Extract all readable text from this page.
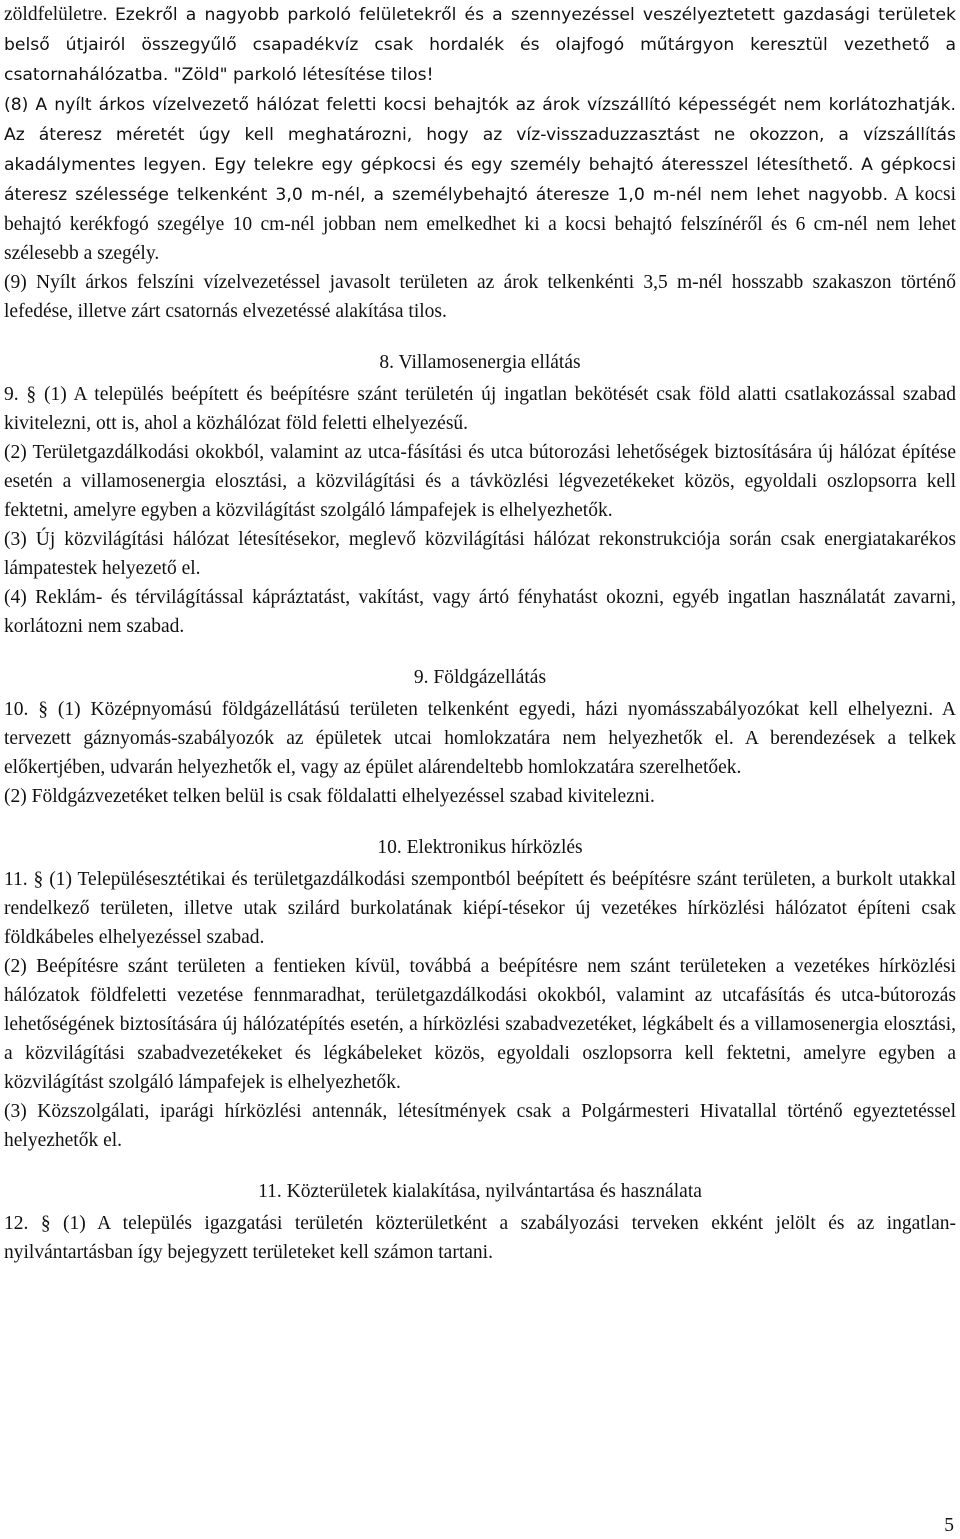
zöldfelületre. Ezekről a nagyobb parkoló felületekről és a szennyezéssel veszélyeztetett gazdasági területek belső útjairól összegyűlő csapadékvíz csak hordalék és olajfogó műtárgyon keresztül vezethető a csatornahálózatba. "Zöld" parkoló létesítése tilos!

(8) A nyílt árkos vízelvezető hálózat feletti kocsi behajtók az árok vízszállító képességét nem korlátozhatják. Az áteresz méretét úgy kell meghatározni, hogy az víz-visszaduzzasztást ne okozzon, a vízszállítás akadálymentes legyen. Egy telekre egy gépkocsi és egy személy behajtó áteresszel létesíthető. A gépkocsi áteresz szélessége telkenként 3,0 m-nél, a személybehajtó áteresze 1,0 m-nél nem lehet nagyobb. A kocsi behajtó kerékfogó szegélye 10 cm-nél jobban nem emelkedhet ki a kocsi behajtó felszínéről és 6 cm-nél nem lehet szélesebb a szegély.

(9) Nyílt árkos felszíni vízelvezetéssel javasolt területen az árok telkenkénti 3,5 m-nél hosszabb szakaszon történő lefedése, illetve zárt csatornás elvezetéssé alakítása tilos.

8. Villamosenergia ellátás

9. § (1) A település beépített és beépítésre szánt területén új ingatlan bekötését csak föld alatti csatlakozással szabad kivitelezni, ott is, ahol a közhálózat föld feletti elhelyezésű.

(2) Területgazdálkodási okokból, valamint az utca-fásítási és utca bútorozási lehetőségek biztosítására új hálózat építése esetén a villamosenergia elosztási, a közvilágítási és a távközlési légvezetékeket közös, egyoldali oszlopsorra kell fektetni, amelyre egyben a közvilágítást szolgáló lámpafejek is elhelyezhetők.

(3) Új közvilágítási hálózat létesítésekor, meglevő közvilágítási hálózat rekonstrukciója során csak energiatakarékos lámpatestek helyezető el.

(4) Reklám- és térvilágítással kápráztatást, vakítást, vagy ártó fényhatást okozni, egyéb ingatlan használatát zavarni, korlátozni nem szabad.

9. Földgázellátás

10. § (1) Középnyomású földgázellátású területen telkenként egyedi, házi nyomásszabályozókat kell elhelyezni. A tervezett gáznyomás-szabályozók az épületek utcai homlokzatára nem helyezhetők el. A berendezések a telkek előkertjében, udvarán helyezhetők el, vagy az épület alárendeltebb homlokzatára szerelhetőek.

(2) Földgázvezetéket telken belül is csak földalatti elhelyezéssel szabad kivitelezni.

10. Elektronikus hírközlés

11. § (1) Településesztétikai és területgazdálkodási szempontból beépített és beépítésre szánt területen, a burkolt utakkal rendelkező területen, illetve utak szilárd burkolatának kiépí-tésekor új vezetékes hírközlési hálózatot építeni csak földkábeles elhelyezéssel szabad.

(2) Beépítésre szánt területen a fentieken kívül, továbbá a beépítésre nem szánt területeken a vezetékes hírközlési hálózatok földfeletti vezetése fennmaradhat, területgazdálkodási okokból, valamint az utcafásítás és utca-bútorozás lehetőségének biztosítására új hálózatépítés esetén, a hírközlési szabadvezetéket, légkábelt és a villamosenergia elosztási, a közvilágítási szabadvezetékeket és légkábeleket közös, egyoldali oszlopsorra kell fektetni, amelyre egyben a közvilágítást szolgáló lámpafejek is elhelyezhetők.

(3) Közszolgálati, iparági hírközlési antennák, létesítmények csak a Polgármesteri Hivatallal történő egyeztetéssel helyezhetők el.

11. Közterületek kialakítása, nyilvántartása és használata

12. § (1) A település igazgatási területén közterületként a szabályozási terveken ekként jelölt és az ingatlan-nyilvántartásban így bejegyzett területeket kell számon tartani.

5
